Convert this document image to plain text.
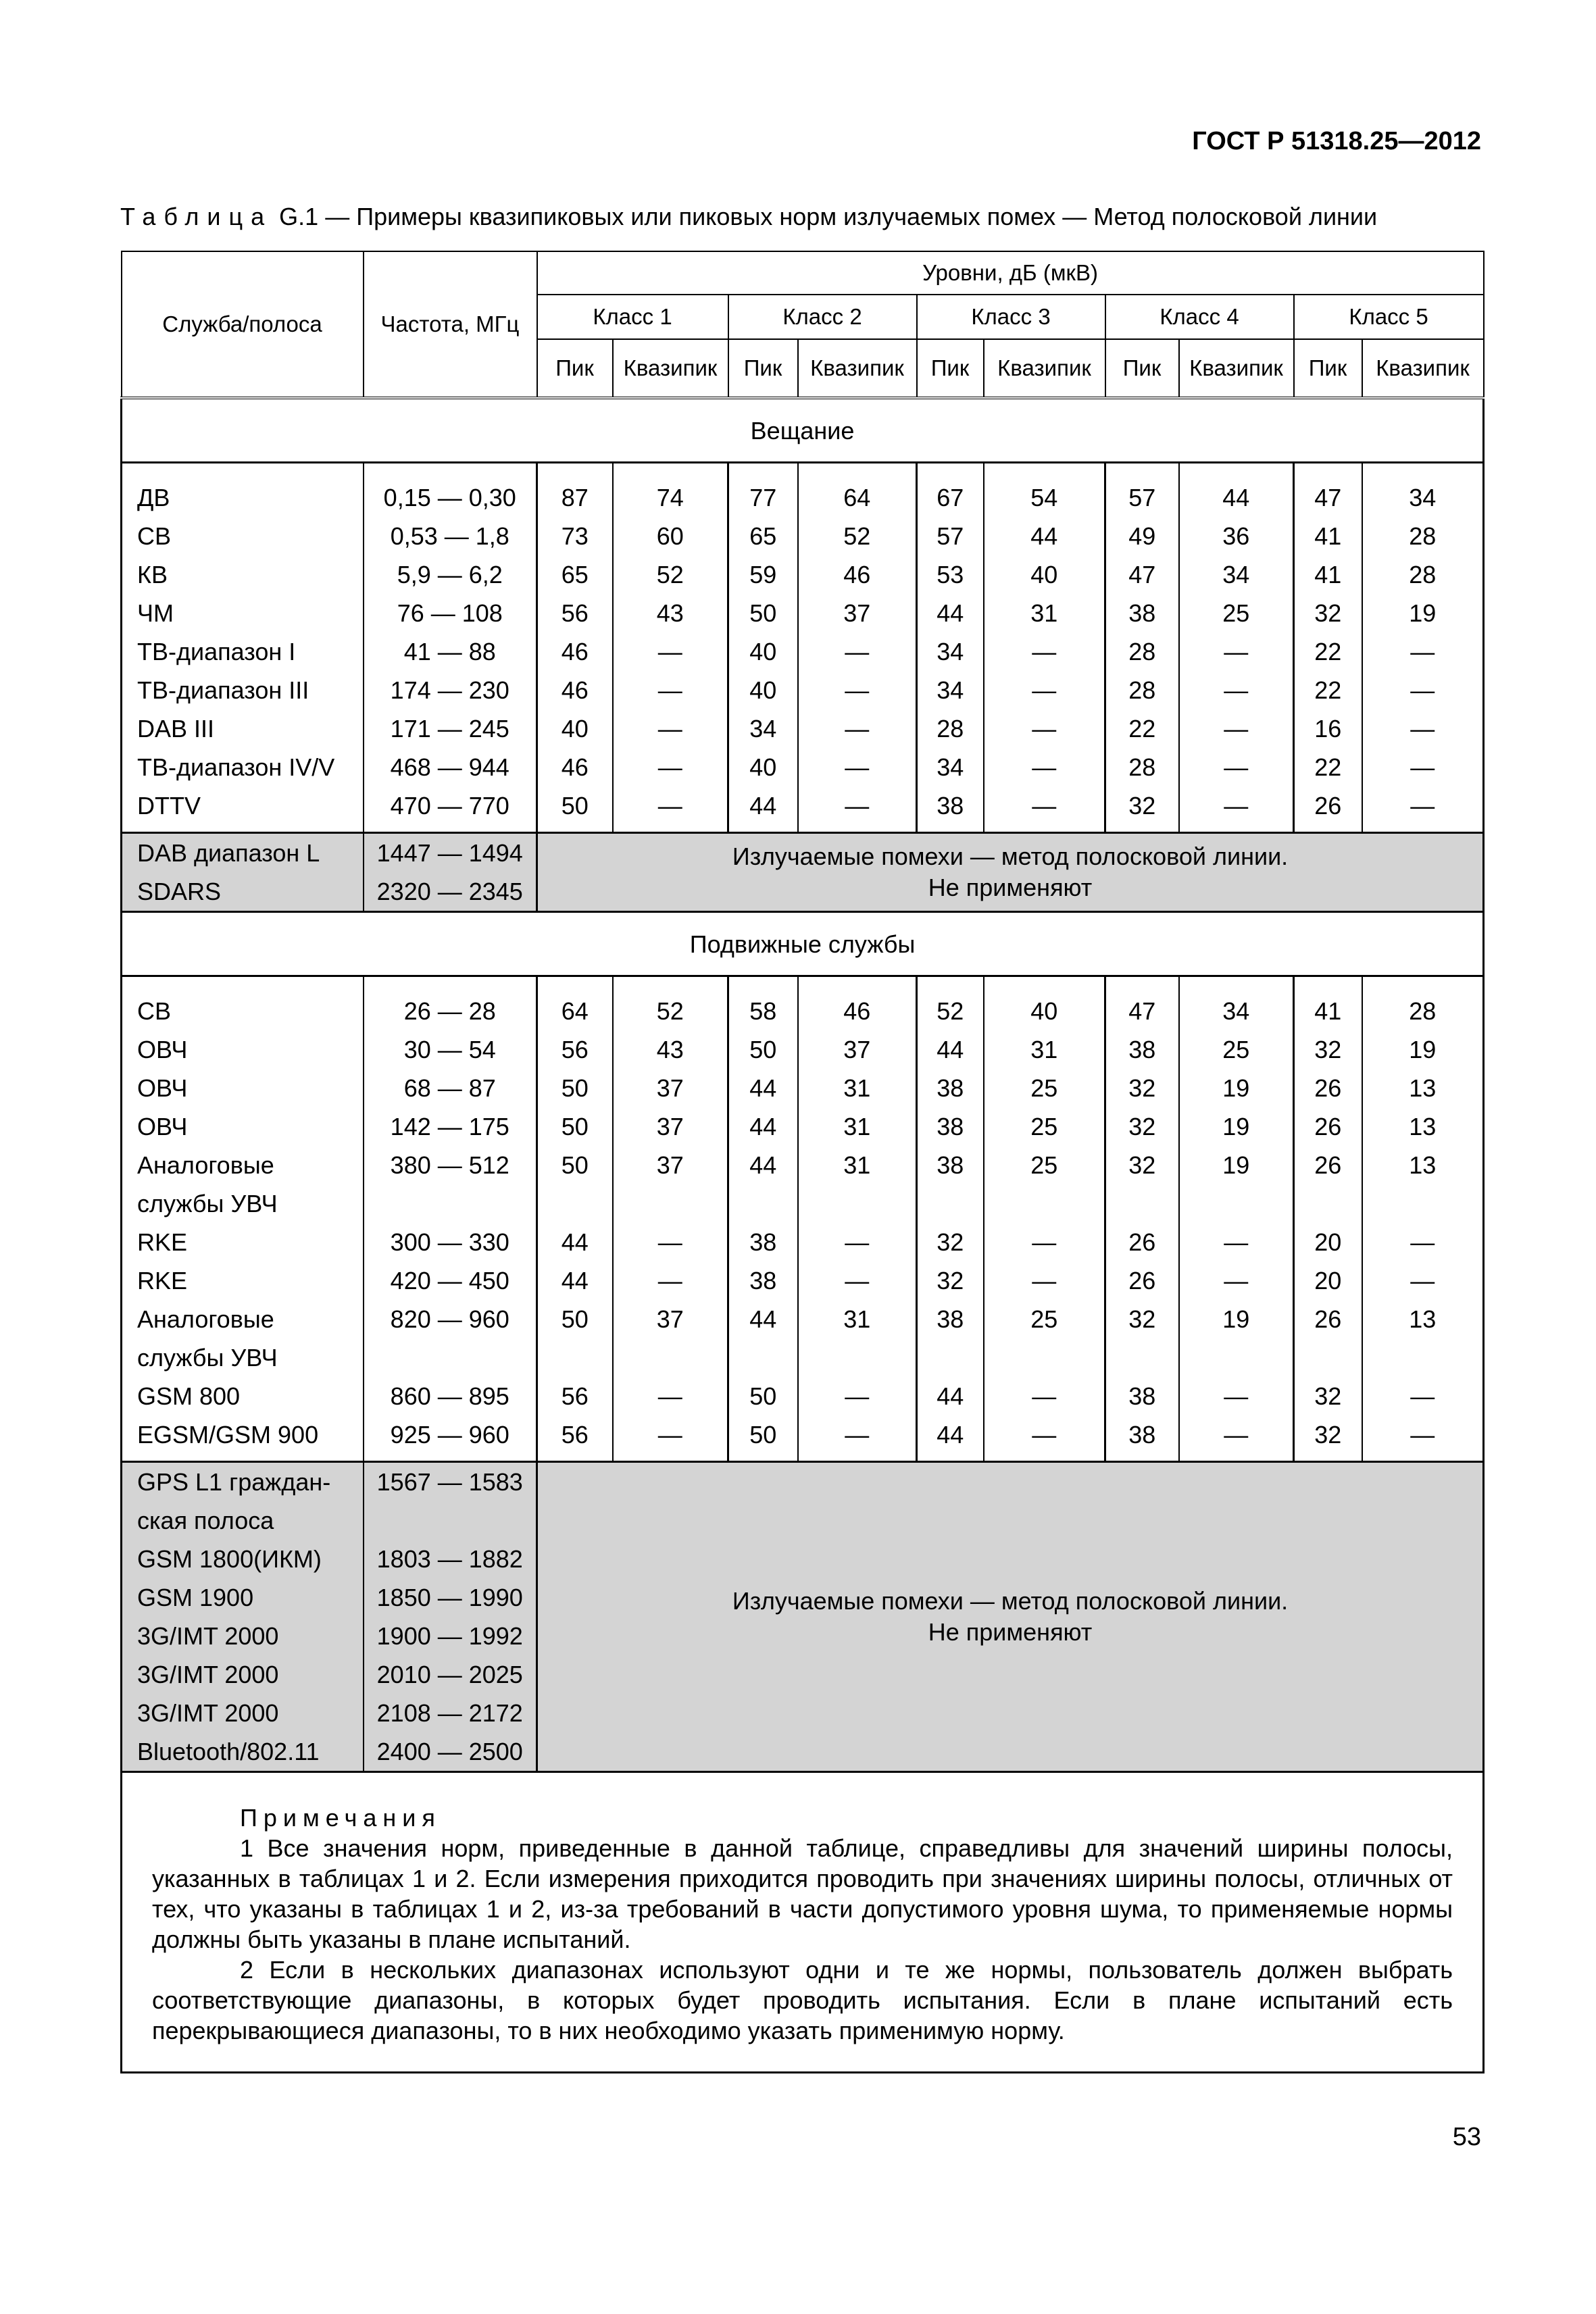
ГОСТ Р 51318.25—2012
Таблица G.1 — Примеры квазипиковых или пиковых норм излучаемых помех — Метод полосковой линии
Служба/полоса	Частота, МГц	Уровни, дБ (мкВ)									
		Класс 1		Класс 2		Класс 3		Класс 4		Класс 5	
		Пик	Квазипик	Пик	Квазипик	Пик	Квазипик	Пик	Квазипик	Пик	Квазипик
Вещание											

ДВ	0,15 — 0,30	87	74	77	64	67	54	57	44	47	34
СВ	0,53 — 1,8	73	60	65	52	57	44	49	36	41	28
КВ	5,9 — 6,2	65	52	59	46	53	40	47	34	41	28
ЧМ	76 — 108	56	43	50	37	44	31	38	25	32	19
ТВ-диапазон I	41 — 88	46	—	40	—	34	—	28	—	22	—
ТВ-диапазон III	174 — 230	46	—	40	—	34	—	28	—	22	—
DAB III	171 — 245	40	—	34	—	28	—	22	—	16	—
ТВ-диапазон IV/V	468 — 944	46	—	40	—	34	—	28	—	22	—
DTTV	470 — 770	50	—	44	—	38	—	32	—	26	—

DAB диапазон L	1447 — 1494	Излучаемые помехи — метод полосковой линии.
Не применяют									

SDARS	2320 — 2345										
Подвижные службы											

СВ	26 — 28	64	52	58	46	52	40	47	34	41	28
ОВЧ	30 — 54	56	43	50	37	44	31	38	25	32	19
ОВЧ	68 — 87	50	37	44	31	38	25	32	19	26	13
ОВЧ	142 — 175	50	37	44	31	38	25	32	19	26	13
Аналоговые службы УВЧ	380 — 512	50	37	44	31	38	25	32	19	26	13
RKE	300 — 330	44	—	38	—	32	—	26	—	20	—
RKE	420 — 450	44	—	38	—	32	—	26	—	20	—
Аналоговые службы УВЧ	820 — 960	50	37	44	31	38	25	32	19	26	13
GSM 800	860 — 895	56	—	50	—	44	—	38	—	32	—
EGSM/GSM 900	925 — 960	56	—	50	—	44	—	38	—	32	—

GPS L1 граждан-ская полоса	1567 — 1583	Излучаемые помехи — метод полосковой линии.
Не применяют									

GSM 1800(ИКМ)	1803 — 1882										
GSM 1900	1850 — 1990										
3G/IMT 2000	1900 — 1992										
3G/IMT 2000	2010 — 2025										
3G/IMT 2000	2108 — 2172										
Bluetooth/802.11	2400 — 2500										

Примечания

1 Все значения норм, приведенные в данной таблице, справедливы для значений ширины полосы, указанных в таблицах 1 и 2. Если измерения приходится проводить при значениях ширины полосы, отличных от тех, что указаны в таблицах 1 и 2, из-за требований в части допустимого уровня шума, то применяемые нормы должны быть указаны в плане испытаний.

2 Если в нескольких диапазонах используют одни и те же нормы, пользователь должен выбрать соответствующие диапазоны, в которых будет проводить испытания. Если в плане испытаний есть перекрывающиеся диапазоны, то в них необходимо указать применимую норму.											

53
